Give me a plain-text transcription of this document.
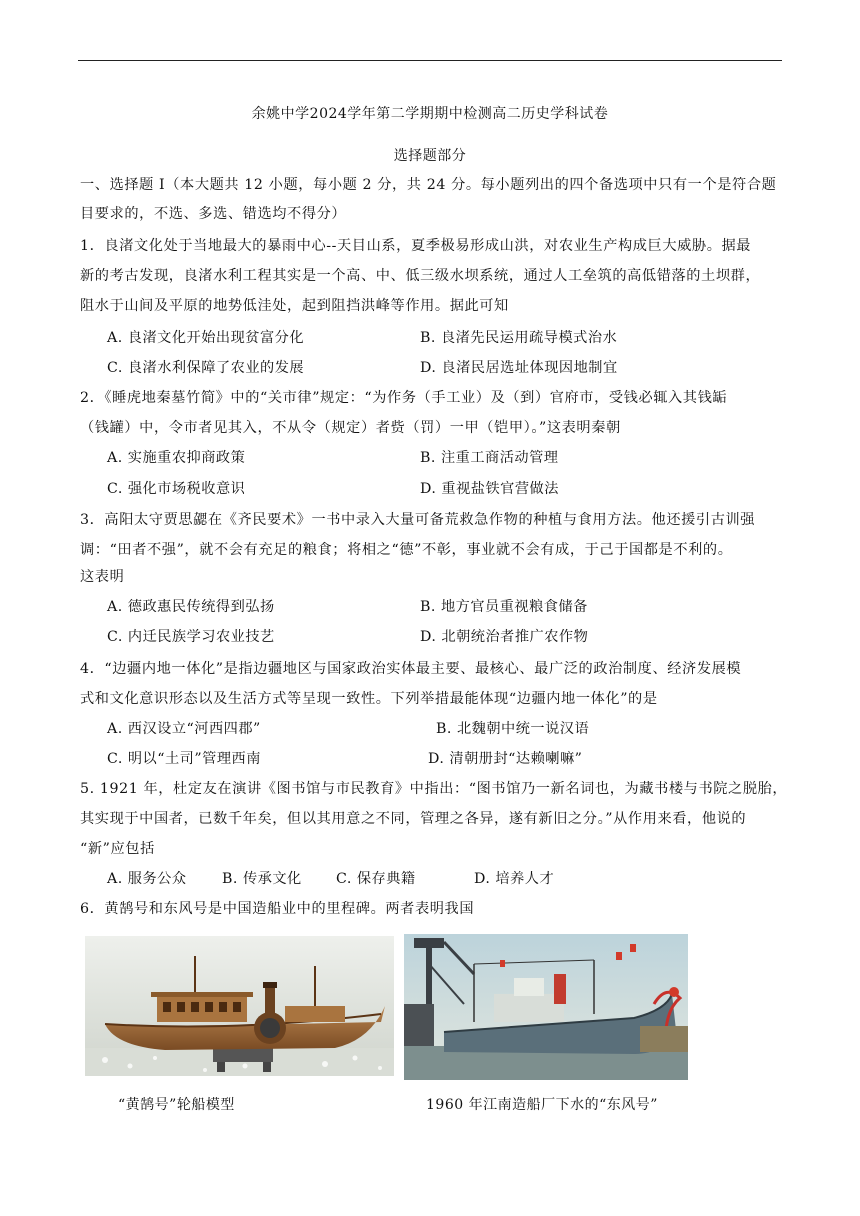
余姚中学2024学年第二学期期中检测高二历史学科试卷
选择题部分
一、选择题 I（本大题共 12 小题，每小题 2 分，共 24 分。每小题列出的四个备选项中只有一个是符合题
目要求的，不选、多选、错选均不得分）
1．良渚文化处于当地最大的暴雨中心--天目山系，夏季极易形成山洪，对农业生产构成巨大威胁。据最
新的考古发现，良渚水利工程其实是一个高、中、低三级水坝系统，通过人工垒筑的高低错落的土坝群，
阻水于山间及平原的地势低洼处，起到阻挡洪峰等作用。据此可知
A. 良渚文化开始出现贫富分化	B. 良渚先民运用疏导模式治水
C. 良渚水利保障了农业的发展	D. 良渚民居选址体现因地制宜
2．《睡虎地秦墓竹简》中的“关市律”规定：“为作务（手工业）及（到）官府市，受钱必辄入其钱缿
（钱罐）中，令市者见其入，不从令（规定）者赀（罚）一甲（铠甲）。”这表明秦朝
A. 实施重农抑商政策	B. 注重工商活动管理
C. 强化市场税收意识	D. 重视盐铁官营做法
3．高阳太守贾思勰在《齐民要术》一书中录入大量可备荒救急作物的种植与食用方法。他还援引古训强
调：“田者不强”，就不会有充足的粮食；将相之“德”不彰，事业就不会有成，于己于国都是不利的。
这表明
A. 德政惠民传统得到弘扬	B. 地方官员重视粮食储备
C. 内迁民族学习农业技艺	D. 北朝统治者推广农作物
4．“边疆内地一体化”是指边疆地区与国家政治实体最主要、最核心、最广泛的政治制度、经济发展模
式和文化意识形态以及生活方式等呈现一致性。下列举措最能体现“边疆内地一体化”的是
A. 西汉设立“河西四郡”	B. 北魏朝中统一说汉语
C. 明以“土司”管理西南	D. 清朝册封“达赖喇嘛”
5. 1921 年，杜定友在演讲《图书馆与市民教育》中指出：“图书馆乃一新名词也，为藏书楼与书院之脱胎，
其实现于中国者，已数千年矣，但以其用意之不同，管理之各异，遂有新旧之分。”从作用来看，他说的
“新”应包括
A. 服务公众 B. 传承文化 C. 保存典籍	D. 培养人才
6．黄鹄号和东风号是中国造船业中的里程碑。两者表明我国
“黄鹄号”轮船模型	1960 年江南造船厂下水的“东风号”
